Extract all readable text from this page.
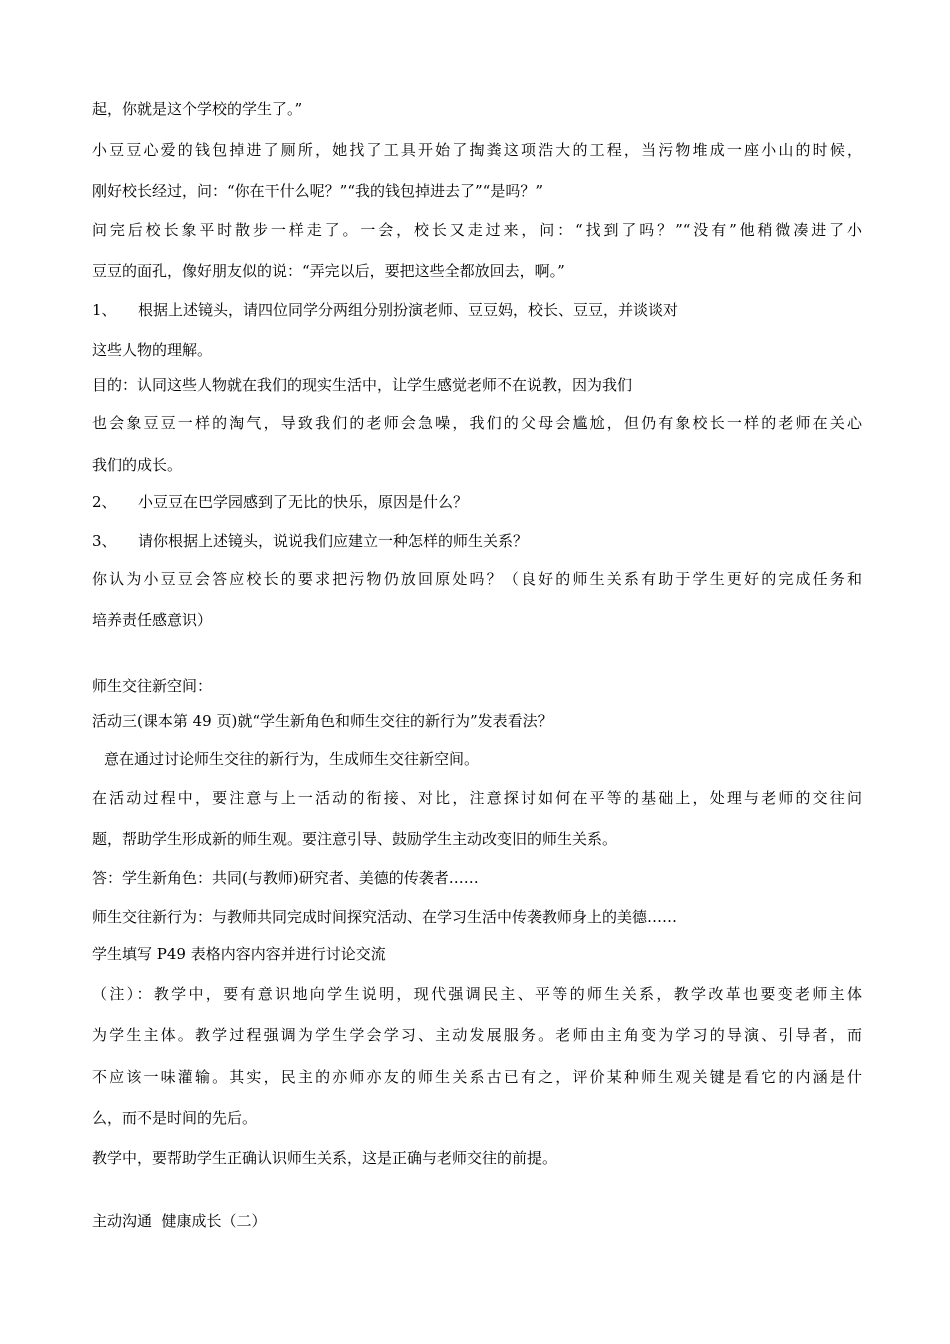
起，你就是这个学校的学生了。”
小豆豆心爱的钱包掉进了厕所，她找了工具开始了掏粪这项浩大的工程，当污物堆成一座小山的时候，
刚好校长经过，问：“你在干什么呢？”“我的钱包掉进去了”“是吗？”
问完后校长象平时散步一样走了。一会，校长又走过来，问：“找到了吗？”“没有”他稍微凑进了小
豆豆的面孔，像好朋友似的说：“弄完以后，要把这些全都放回去，啊。”
1、 根据上述镜头，请四位同学分两组分别扮演老师、豆豆妈，校长、豆豆，并谈谈对
这些人物的理解。
目的：认同这些人物就在我们的现实生活中，让学生感觉老师不在说教，因为我们
也会象豆豆一样的淘气，导致我们的老师会急噪，我们的父母会尴尬，但仍有象校长一样的老师在关心
我们的成长。
2、 小豆豆在巴学园感到了无比的快乐，原因是什么？
3、 请你根据上述镜头，说说我们应建立一种怎样的师生关系？
你认为小豆豆会答应校长的要求把污物仍放回原处吗？（良好的师生关系有助于学生更好的完成任务和
培养责任感意识）
师生交往新空间：
活动三(课本第 49 页)就“学生新角色和师生交往的新行为”发表看法？
意在通过讨论师生交往的新行为，生成师生交往新空间。
在活动过程中，要注意与上一活动的衔接、对比，注意探讨如何在平等的基础上，处理与老师的交往问
题，帮助学生形成新的师生观。要注意引导、鼓励学生主动改变旧的师生关系。
答：学生新角色：共同(与教师)研究者、美德的传袭者……
师生交往新行为：与教师共同完成时间探究活动、在学习生活中传袭教师身上的美德……
学生填写 P49 表格内容内容并进行讨论交流
（注）：教学中，要有意识地向学生说明，现代强调民主、平等的师生关系，教学改革也要变老师主体
为学生主体。教学过程强调为学生学会学习、主动发展服务。老师由主角变为学习的导演、引导者，而
不应该一味灌输。其实，民主的亦师亦友的师生关系古已有之，评价某种师生观关键是看它的内涵是什
么，而不是时间的先后。
教学中，要帮助学生正确认识师生关系，这是正确与老师交往的前提。
主动沟通  健康成长（二）
